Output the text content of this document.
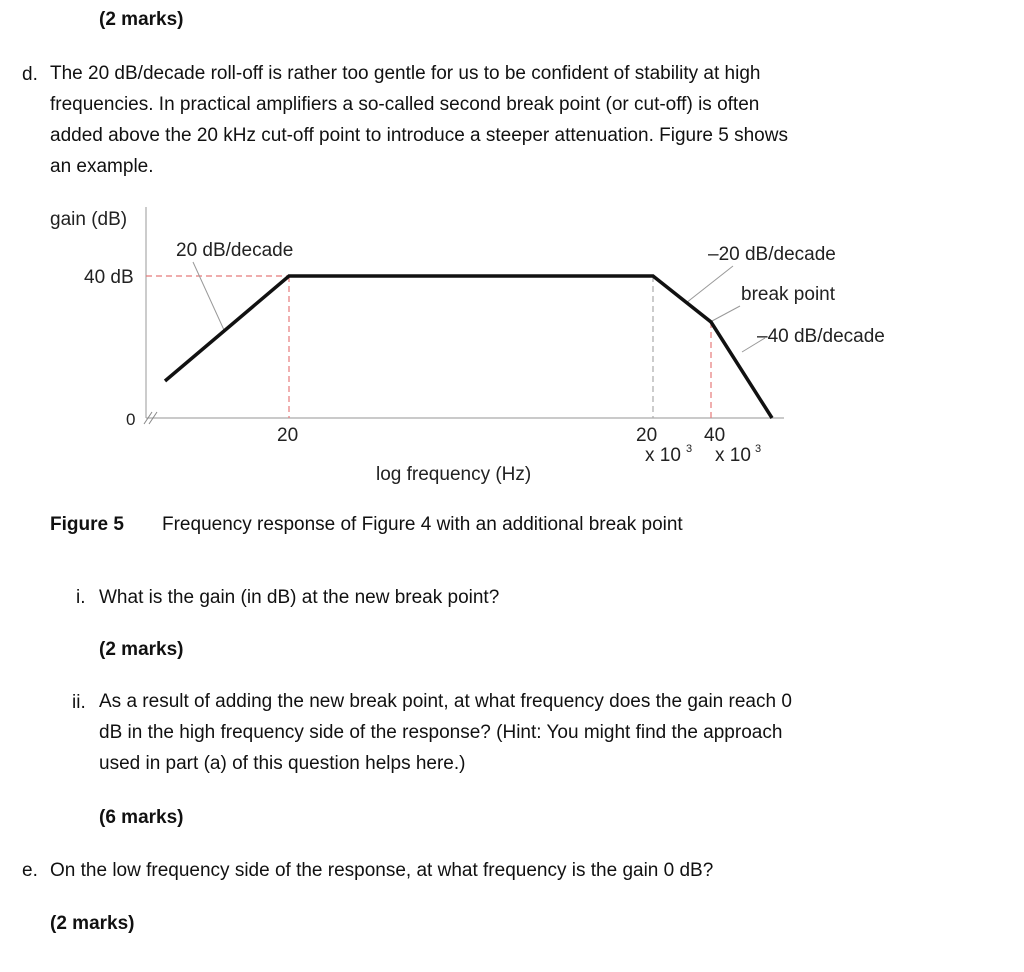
(2 marks)
d. The 20 dB/decade roll-off is rather too gentle for us to be confident of stability at high
frequencies. In practical amplifiers a so-called second break point (or cut-off) is often
added above the 20 kHz cut-off point to introduce a steeper attenuation. Figure 5 shows
an example.
gain (dB)
40 dB
0
20	20
x 10 3
40
x 10 3
log frequency (Hz)
20 dB/decade	–20 dB/decade
break point
–40 dB/decade
Figure 5 Frequency response of Figure 4 with an additional break point
i. What is the gain (in dB) at the new break point?
(2 marks)
ii. As a result of adding the new break point, at what frequency does the gain reach 0
dB in the high frequency side of the response? (Hint: You might find the approach
used in part (a) of this question helps here.)
(6 marks)
e. On the low frequency side of the response, at what frequency is the gain 0 dB?
(2 marks)
